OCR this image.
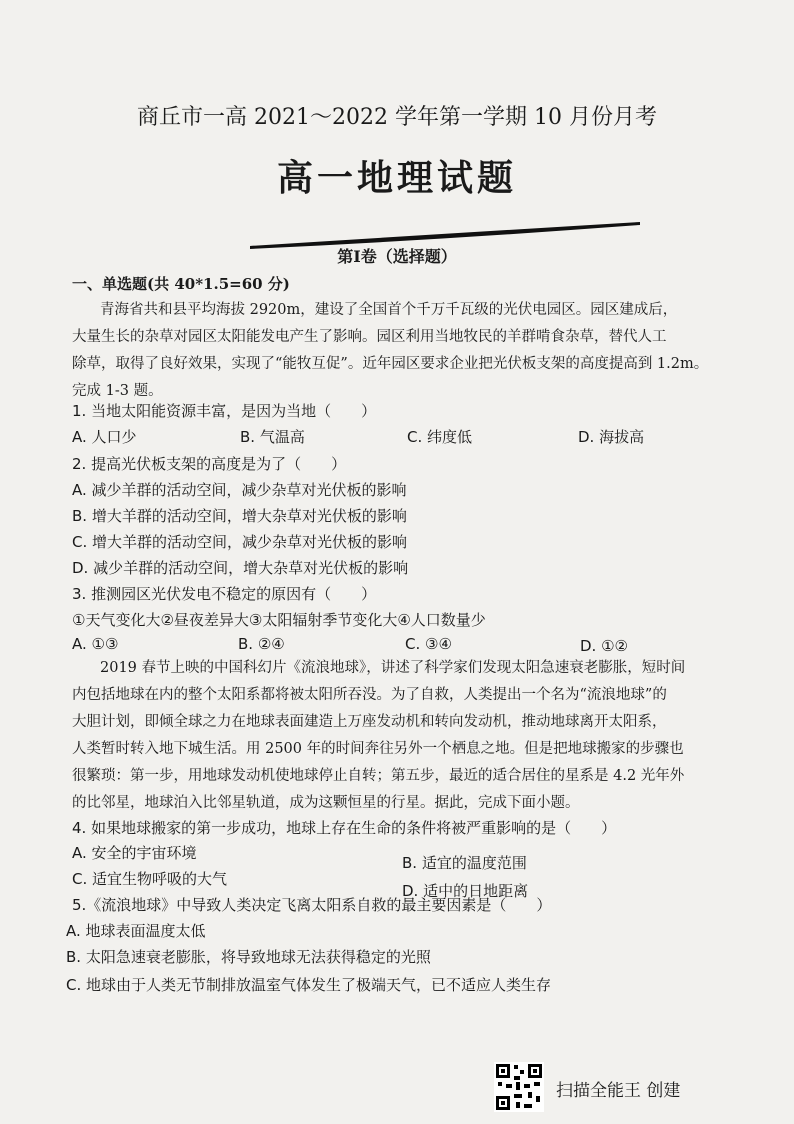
商丘市一高 2021～2022 学年第一学期 10 月份月考
高一地理试题
第Ⅰ卷（选择题）
一、单选题(共 40*1.5=60 分)
青海省共和县平均海拔 2920m，建设了全国首个千万千瓦级的光伏电园区。园区建成后，
大量生长的杂草对园区太阳能发电产生了影响。园区利用当地牧民的羊群啃食杂草，替代人工
除草，取得了良好效果，实现了“能牧互促”。近年园区要求企业把光伏板支架的高度提高到 1.2m。
完成 1-3 题。
1. 当地太阳能资源丰富，是因为当地（　　）
A. 人口少	B. 气温高	C. 纬度低	D. 海拔高
2. 提高光伏板支架的高度是为了（　　）
A. 减少羊群的活动空间，减少杂草对光伏板的影响
B. 增大羊群的活动空间，增大杂草对光伏板的影响
C. 增大羊群的活动空间，减少杂草对光伏板的影响
D. 减少羊群的活动空间，增大杂草对光伏板的影响
3. 推测园区光伏发电不稳定的原因有（　　）
①天气变化大②昼夜差异大③太阳辐射季节变化大④人口数量少
A. ①③	B. ②④	C. ③④	D. ①②
2019 春节上映的中国科幻片《流浪地球》，讲述了科学家们发现太阳急速衰老膨胀，短时间
内包括地球在内的整个太阳系都将被太阳所吞没。为了自救，人类提出一个名为“流浪地球”的
大胆计划，即倾全球之力在地球表面建造上万座发动机和转向发动机，推动地球离开太阳系，
人类暂时转入地下城生活。用 2500 年的时间奔往另外一个栖息之地。但是把地球搬家的步骤也
很繁琐：第一步，用地球发动机使地球停止自转；第五步，最近的适合居住的星系是 4.2 光年外
的比邻星，地球泊入比邻星轨道，成为这颗恒星的行星。据此，完成下面小题。
4. 如果地球搬家的第一步成功，地球上存在生命的条件将被严重影响的是（　　）
A. 安全的宇宙环境
B. 适宜的温度范围
C. 适宜生物呼吸的大气
D. 适中的日地距离
5.《流浪地球》中导致人类决定飞离太阳系自救的最主要因素是（　　）
A. 地球表面温度太低
B. 太阳急速衰老膨胀，将导致地球无法获得稳定的光照
C. 地球由于人类无节制排放温室气体发生了极端天气，已不适应人类生存
扫描全能王 创建
